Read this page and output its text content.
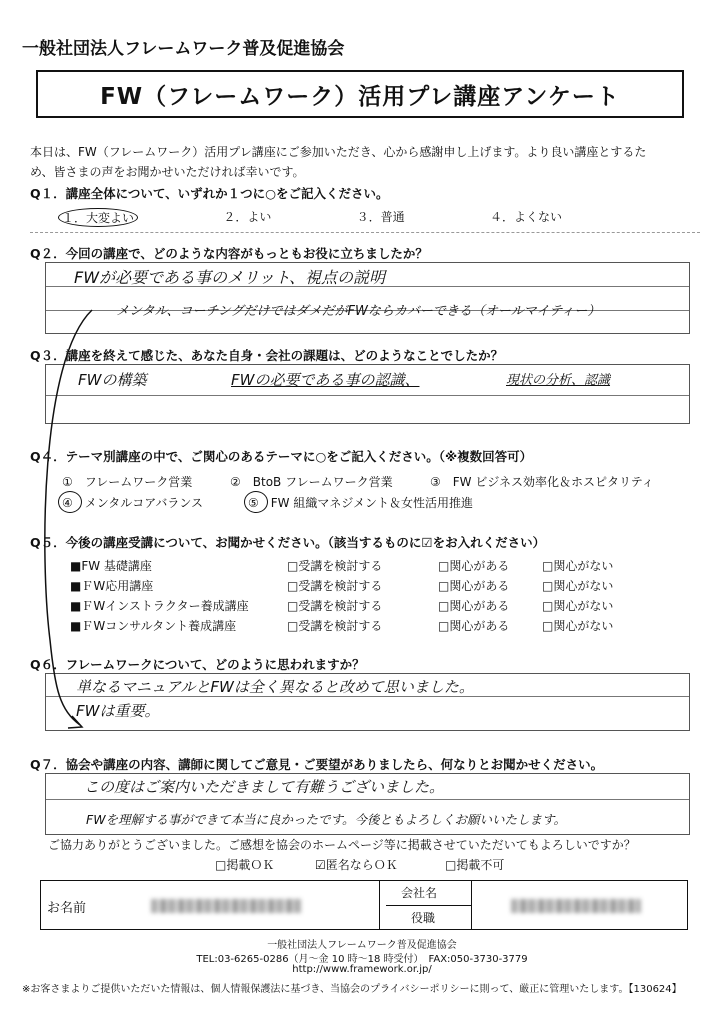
一般社団法人フレームワーク普及促進協会
FW（フレームワーク）活用プレ講座アンケート
本日は、FW（フレームワーク）活用プレ講座にご参加いただき、心から感謝申し上げます。より良い講座とするた
め、皆さまの声をお聞かせいただければ幸いです。
Q１．講座全体について、いずれか１つに○をご記入ください。
１．大変よい	２．よい	３．普通	４．よくない
Q２．今回の講座で、どのような内容がもっともお役に立ちましたか？
FWが必要である事のメリット、視点の説明
メンタル、コーチングだけではダメだがFWならカバーできる（オールマイティー）
Q３．講座を終えて感じた、あなた自身・会社の課題は、どのようなことでしたか？
FWの構築	FWの必要である事の認識、	現状の分析、認識
Q４．テーマ別講座の中で、ご関心のあるテーマに○をご記入ください。（※複数回答可）
①　フレームワーク営業	②　BtoB フレームワーク営業	③　FW ビジネス効率化＆ホスピタリティ
④　メンタルコアバランス	⑤　FW 組織マネジメント＆女性活用推進
Q５．今後の講座受講について、お聞かせください。（該当するものに☑をお入れください）
■FW 基礎講座	□受講を検討する	□関心がある	□関心がない
■ＦW応用講座	□受講を検討する	□関心がある	□関心がない
■ＦWインストラクター養成講座	□受講を検討する	□関心がある	□関心がない
■ＦWコンサルタント養成講座	□受講を検討する	□関心がある	□関心がない
Q６．フレームワークについて、どのように思われますか？
単なるマニュアルとFWは全く異なると改めて思いました。
FWは重要。
Q７．協会や講座の内容、講師に関してご意見・ご要望がありましたら、何なりとお聞かせください。
この度はご案内いただきまして有難うございました。
FWを理解する事ができて本当に良かったです。今後ともよろしくお願いいたします。
ご協力ありがとうございました。ご感想を協会のホームページ等に掲載させていただいてもよろしいですか？
□掲載ＯＫ	☑匿名ならＯＫ	□掲載不可
お名前
会社名
役職
一般社団法人フレームワーク普及促進協会
TEL:03-6265-0286（月～金 10 時～18 時受付）　FAX:050-3730-3779
http://www.framework.or.jp/
※お客さまよりご提供いただいた情報は、個人情報保護法に基づき、当協会のプライバシーポリシーに則って、厳正に管理いたします。【130624】
